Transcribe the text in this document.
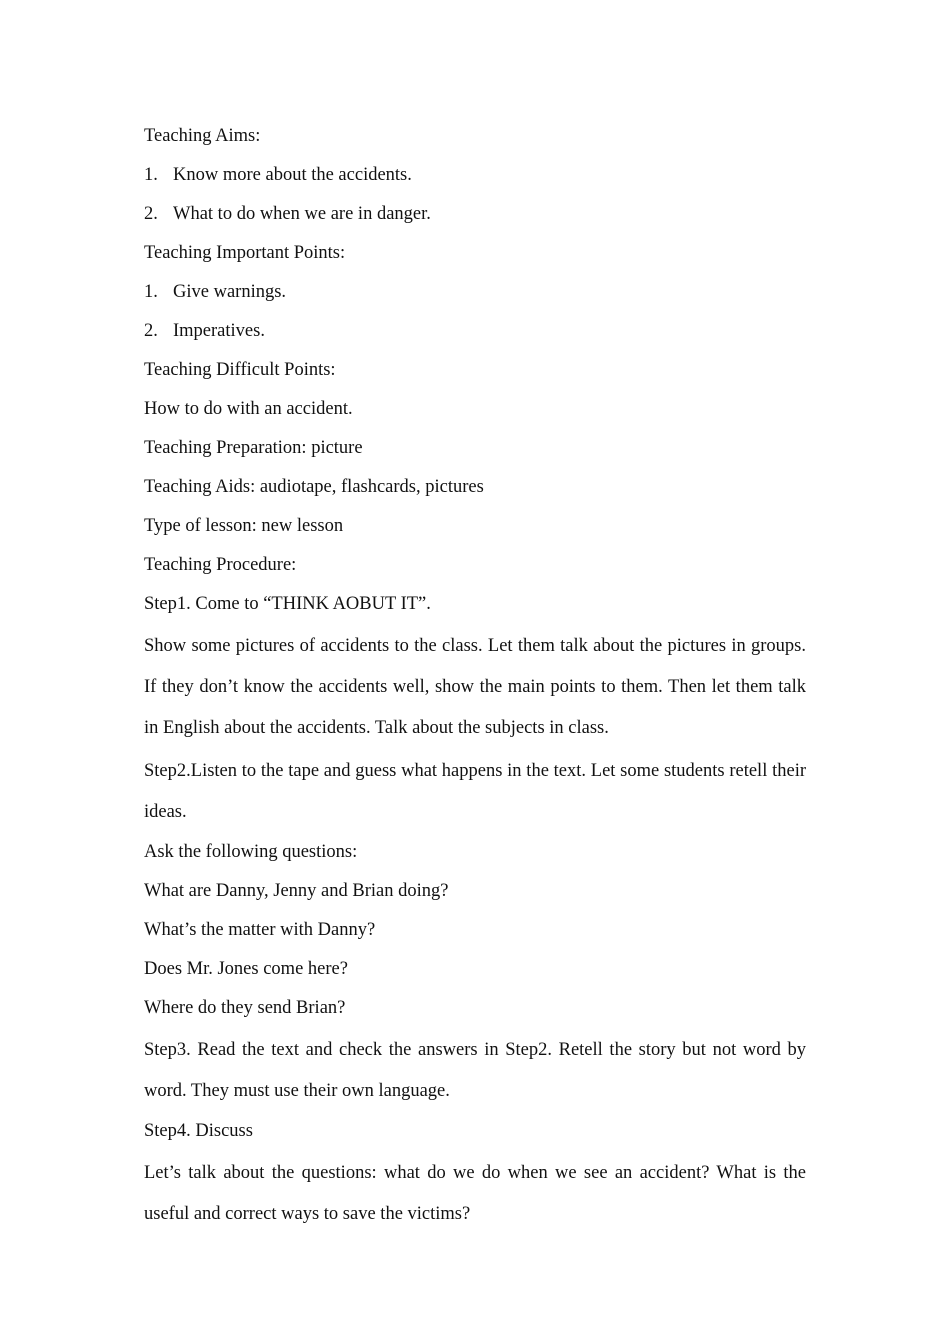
Teaching Aims:

1. Know more about the accidents.

2. What to do when we are in danger.

Teaching Important Points:

1. Give warnings.

2. Imperatives.

Teaching Difficult Points:

How to do with an accident.

Teaching Preparation: picture

Teaching Aids: audiotape, flashcards, pictures

Type of lesson: new lesson

Teaching Procedure:

Step1. Come to “THINK AOBUT IT”.

Show some pictures of accidents to the class. Let them talk about the pictures in groups. If they don’t know the accidents well, show the main points to them. Then let them talk in English about the accidents. Talk about the subjects in class.

Step2.Listen to the tape and guess what happens in the text. Let some students retell their ideas.

Ask the following questions:

What are Danny, Jenny and Brian doing?

What’s the matter with Danny?

Does Mr. Jones come here?

Where do they send Brian?

Step3. Read the text and check the answers in Step2. Retell the story but not word by word. They must use their own language.

Step4. Discuss

Let’s talk about the questions: what do we do when we see an accident? What is the useful and correct ways to save the victims?
